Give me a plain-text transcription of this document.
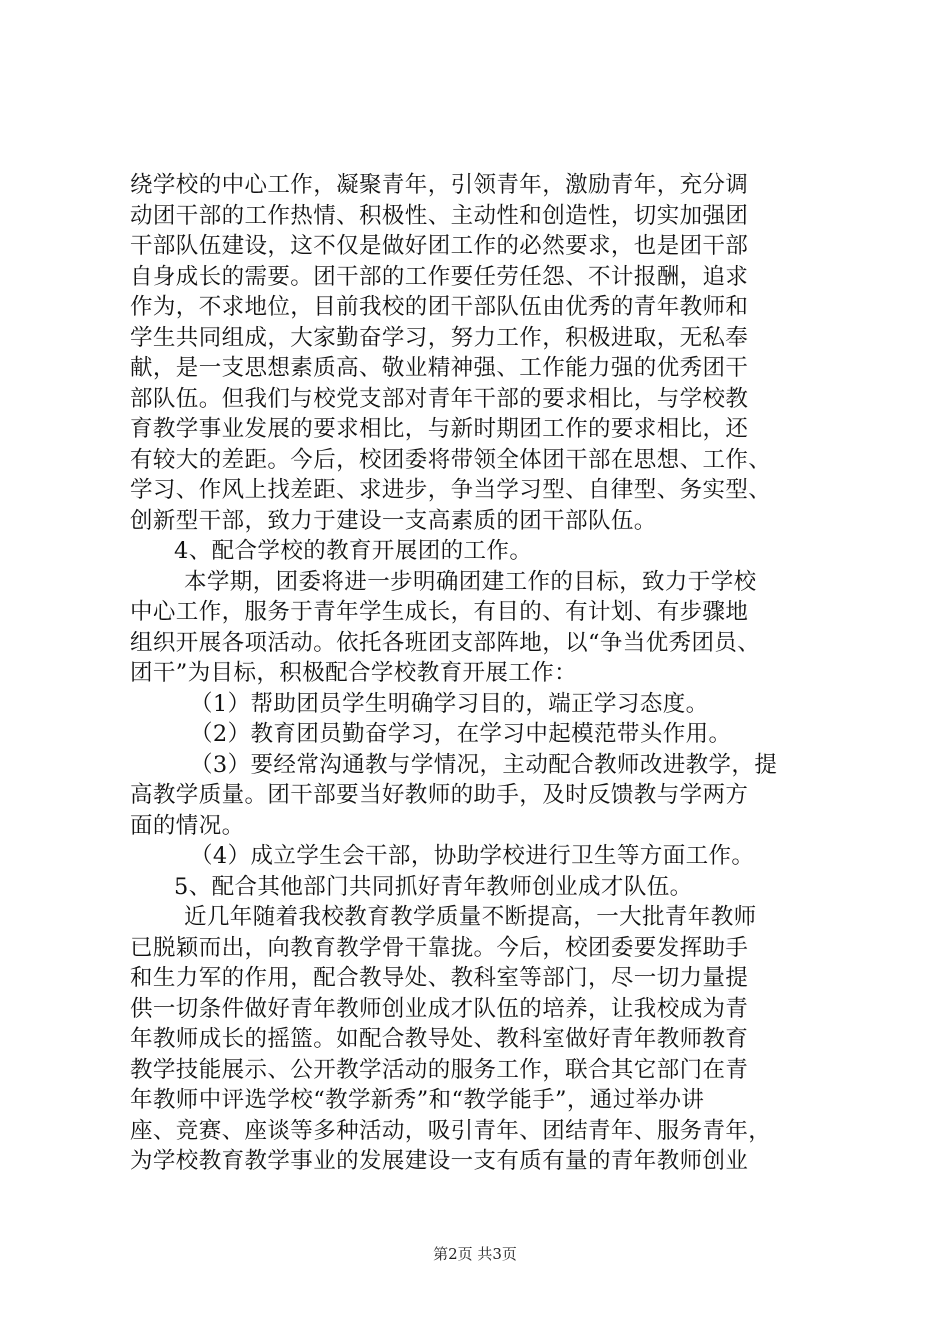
绕学校的中心工作，凝聚青年，引领青年，激励青年，充分调
动团干部的工作热情、积极性、主动性和创造性，切实加强团
干部队伍建设，这不仅是做好团工作的必然要求，也是团干部
自身成长的需要。团干部的工作要任劳任怨、不计报酬，追求
作为，不求地位，目前我校的团干部队伍由优秀的青年教师和
学生共同组成，大家勤奋学习，努力工作，积极进取，无私奉
献，是一支思想素质高、敬业精神强、工作能力强的优秀团干
部队伍。但我们与校党支部对青年干部的要求相比，与学校教
育教学事业发展的要求相比，与新时期团工作的要求相比，还
有较大的差距。今后，校团委将带领全体团干部在思想、工作、
学习、作风上找差距、求进步，争当学习型、自律型、务实型、
创新型干部，致力于建设一支高素质的团干部队伍。
4、配合学校的教育开展团的工作。
本学期，团委将进一步明确团建工作的目标，致力于学校
中心工作，服务于青年学生成长，有目的、有计划、有步骤地
组织开展各项活动。依托各班团支部阵地，以“争当优秀团员、
团干”为目标，积极配合学校教育开展工作：
（1）帮助团员学生明确学习目的，端正学习态度。
（2）教育团员勤奋学习，在学习中起模范带头作用。
（3）要经常沟通教与学情况，主动配合教师改进教学，提
高教学质量。团干部要当好教师的助手，及时反馈教与学两方
面的情况。
（4）成立学生会干部，协助学校进行卫生等方面工作。
5、配合其他部门共同抓好青年教师创业成才队伍。
近几年随着我校教育教学质量不断提高，一大批青年教师
已脱颖而出，向教育教学骨干靠拢。今后，校团委要发挥助手
和生力军的作用，配合教导处、教科室等部门，尽一切力量提
供一切条件做好青年教师创业成才队伍的培养，让我校成为青
年教师成长的摇篮。如配合教导处、教科室做好青年教师教育
教学技能展示、公开教学活动的服务工作，联合其它部门在青
年教师中评选学校“教学新秀”和“教学能手”，通过举办讲
座、竞赛、座谈等多种活动，吸引青年、团结青年、服务青年，
为学校教育教学事业的发展建设一支有质有量的青年教师创业
第2页 共3页
